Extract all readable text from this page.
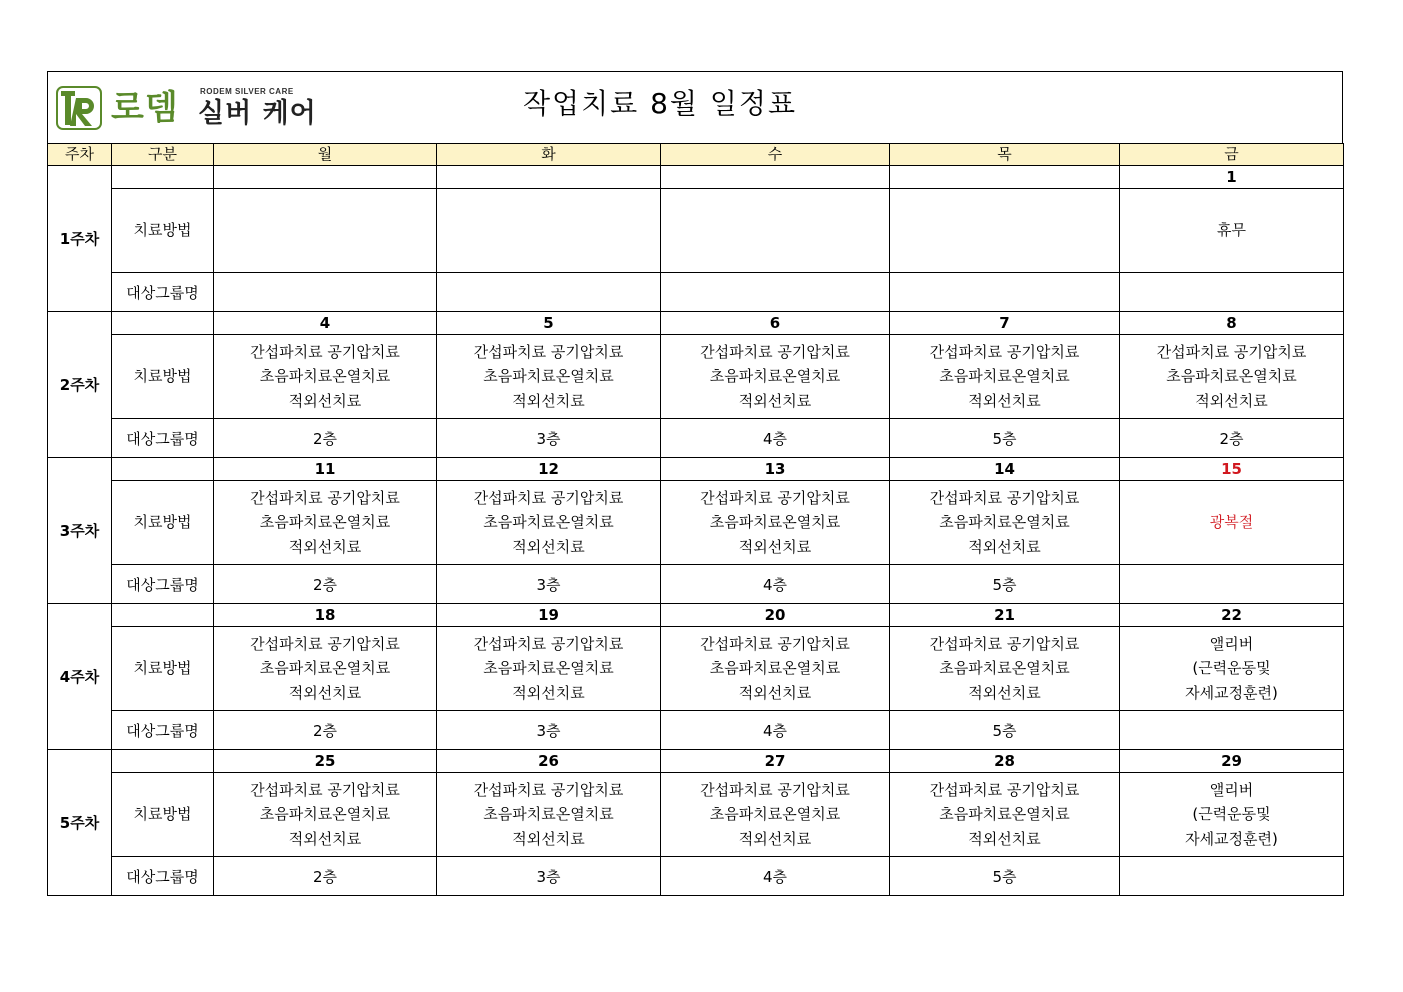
로뎀	RODEM SILVER CARE
실버 케어	작업치료 8월 일정표
주차	구분	월	화	수	목	금
1주차						1
	치료방법					휴무
	대상그룹명					
2주차		4	5	6	7	8
	치료방법	간섭파치료 공기압치료
초음파치료온열치료
적외선치료	간섭파치료 공기압치료
초음파치료온열치료
적외선치료	간섭파치료 공기압치료
초음파치료온열치료
적외선치료	간섭파치료 공기압치료
초음파치료온열치료
적외선치료	간섭파치료 공기압치료
초음파치료온열치료
적외선치료

	대상그룹명	2층	3층	4층	5층	2층
3주차		11	12	13	14	15
	치료방법	간섭파치료 공기압치료
초음파치료온열치료
적외선치료	간섭파치료 공기압치료
초음파치료온열치료
적외선치료	간섭파치료 공기압치료
초음파치료온열치료
적외선치료	간섭파치료 공기압치료
초음파치료온열치료
적외선치료	광복절
	대상그룹명	2층	3층	4층	5층	
4주차		18	19	20	21	22
	치료방법	간섭파치료 공기압치료
초음파치료온열치료
적외선치료	간섭파치료 공기압치료
초음파치료온열치료
적외선치료	간섭파치료 공기압치료
초음파치료온열치료
적외선치료	간섭파치료 공기압치료
초음파치료온열치료
적외선치료	앨리버
(근력운동및
자세교정훈련)

	대상그룹명	2층	3층	4층	5층	
5주차		25	26	27	28	29
	치료방법	간섭파치료 공기압치료
초음파치료온열치료
적외선치료	간섭파치료 공기압치료
초음파치료온열치료
적외선치료	간섭파치료 공기압치료
초음파치료온열치료
적외선치료	간섭파치료 공기압치료
초음파치료온열치료
적외선치료	앨리버
(근력운동및
자세교정훈련)

	대상그룹명	2층	3층	4층	5층	
